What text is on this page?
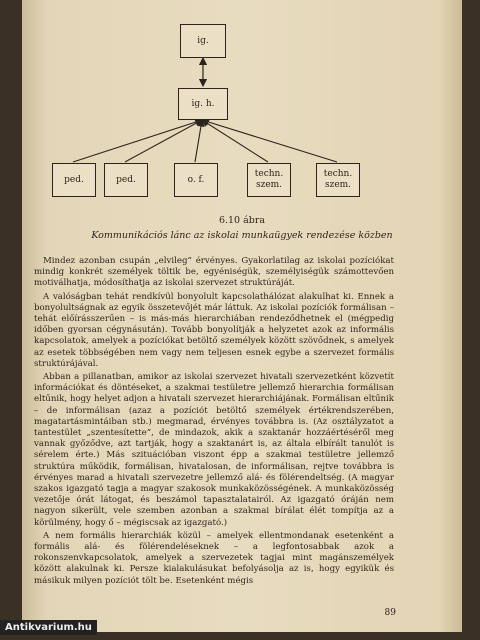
ig.
ig. h.
ped.	ped.	o. f.
techn.
szem.
techn.
szem.
6.10 ábra
Kommunikációs lánc az iskolai munkaügyek rendezése közben

Mindez azonban csupán „elvileg” érvényes. Gyakorlatilag az iskolai pozíciókat mindig konkrét személyek töltik be, egyéniségük, személyiségük számottevően motiválhatja, módosíthatja az iskolai szervezet struktúráját.

A valóságban tehát rendkívül bonyolult kapcsolathálózat alakulhat ki. Ennek a bonyolultságnak az egyik összetevőjét már láttuk. Az iskolai pozíciók formálisan – tehát előírásszerűen – is más-más hierarchiában rendeződhetnek el (mégpedig időben gyorsan cégynásután). Tovább bonyolítják a helyzetet azok az informális kapcsolatok, amelyek a pozíciókat betöltő személyek között szövődnek, s amelyek az esetek többségében nem vagy nem teljesen esnek egybe a szervezet formális struktúrájával.

Abban a pillanatban, amikor az iskolai szervezet hivatali szervezetként közvetít információkat és döntéseket, a szakmai testületre jellemző hierarchia formálisan eltűnik, hogy helyet adjon a hivatali szervezet hierarchiájának. Formálisan eltűnik – de informálisan (azaz a pozíciót betöltő személyek értékrendszerében, magatartásmintáiban stb.) megmarad, érvényes továbbra is. (Az osztályzatot a tantestület „szentesítette”, de mindazok, akik a szaktanár hozzáértéséről meg vannak győződve, azt tartják, hogy a szaktanárt is, az általa elbírált tanulót is sérelem érte.) Más szituációban viszont épp a szakmai testületre jellemző struktúra működik, formálisan, hivatalosan, de informálisan, rejtve továbbra is érvényes marad a hivatali szervezetre jellemző alá- és fölérendeltség. (A magyar szakos igazgató tagja a magyar szakosok munkaközösségének. A munkaközösség vezetője órát látogat, és beszámol tapasztalatairól. Az igazgató óráján nem nagyon sikerült, vele szemben azonban a szakmai bírálat élét tompítja az a körülmény, hogy ő – mégiscsak az igazgató.)

A nem formális hierarchiák közül – amelyek ellentmondanak esetenként a formális alá- és fölérendeléseknek – a legfontosabbak azok a rokonszenvkapcsolatok, amelyek a szervezetek tagjai mint magánszemélyek között alakulnak ki. Persze kialakulásukat befolyásolja az is, hogy egyikük és másikuk milyen pozíciót tölt be. Esetenként mégis

89
Antikvarium.hu
